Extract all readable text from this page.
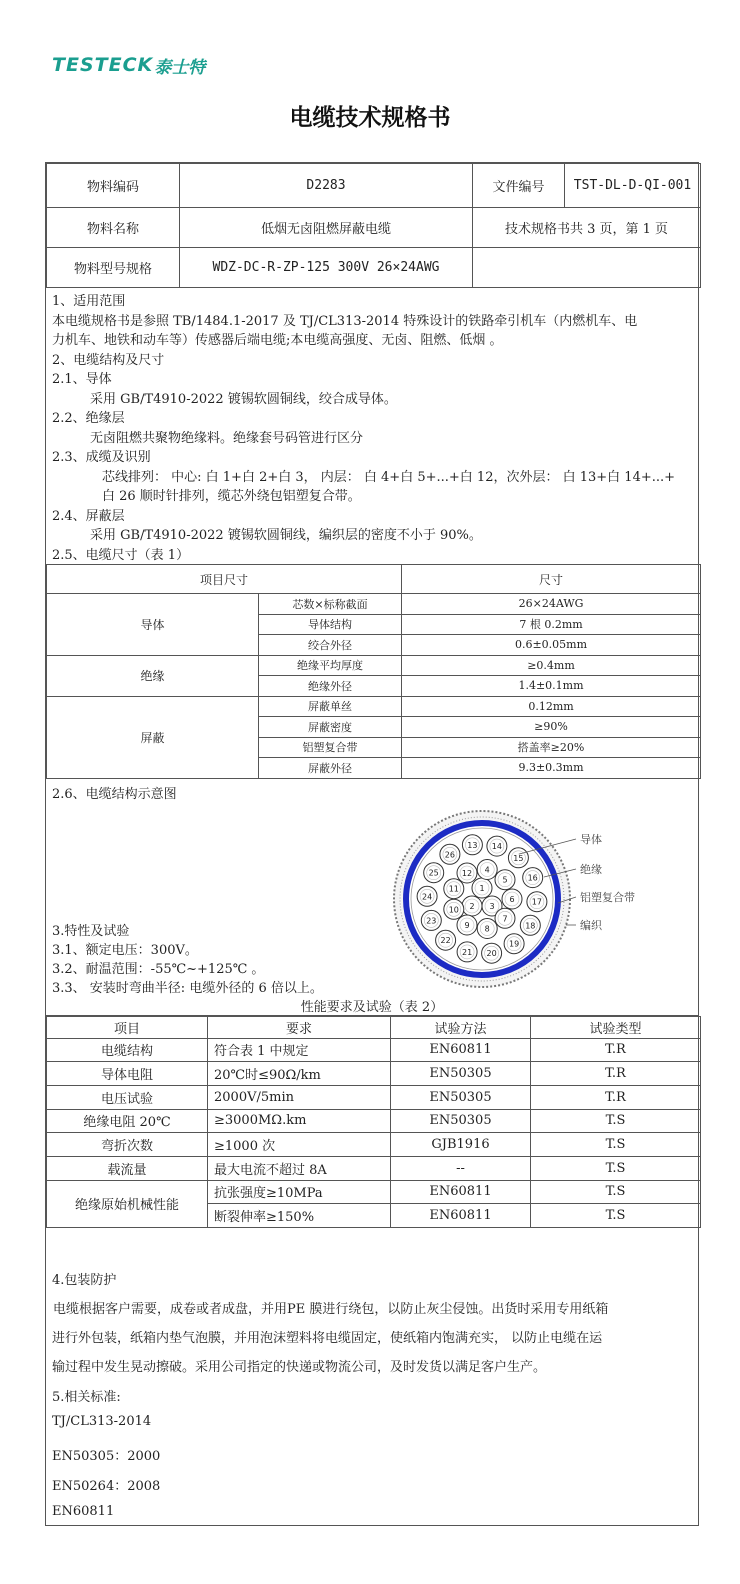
TESTECK 泰士特
电缆技术规格书
物料编码	D2283	文件编号	TST-DL-D-QI-001
物料名称	低烟无卤阻燃屏蔽电缆	技术规格书共 3 页，第 1 页	
物料型号规格	WDZ-DC-R-ZP-125 300V 26×24AWG		

1、适用范围

本电缆规格书是参照 TB/1484.1-2017 及 TJ/CL313-2014 特殊设计的铁路牵引机车（内燃机车、电

力机车、地铁和动车等）传感器后端电缆;本电缆高强度、无卤、阻燃、低烟 。

2、电缆结构及尺寸

2.1、导体

采用 GB/T4910-2022 镀锡软圆铜线，绞合成导体。

2.2、绝缘层

无卤阻燃共聚物绝缘料。绝缘套号码管进行区分

2.3、成缆及识别

芯线排列： 中心: 白 1+白 2+白 3， 内层： 白 4+白 5+...+白 12，次外层： 白 13+白 14+...+

白 26 顺时针排列，缆芯外绕包铝塑复合带。

2.4、屏蔽层

采用 GB/T4910-2022 镀锡软圆铜线，编织层的密度不小于 90%。

2.5、电缆尺寸（表 1）

项目尺寸		尺寸
导体	芯数×标称截面	26×24AWG
	导体结构	7 根 0.2mm
	绞合外径	0.6±0.05mm
绝缘	绝缘平均厚度	≥0.4mm
	绝缘外径	1.4±0.1mm
屏蔽	屏蔽单丝	0.12mm
	屏蔽密度	≥90%
	铝塑复合带	搭盖率≥20%
	屏蔽外径	9.3±0.3mm
2.6、电缆结构示意图
1
2 3
4
5
6
7
8
9
10
11
12
13 14
15
16
17
18
19
20
21
22
23
24
25
26
导体
绝缘
铝塑复合带
编织
3.特性及试验
3.1、额定电压：300V。
3.2、耐温范围：-55℃~+125℃ 。
3.3、 安装时弯曲半径: 电缆外径的 6 倍以上。
性能要求及试验（表 2）
项目	要求	试验方法	试验类型
电缆结构	符合表 1 中规定	EN60811	T.R
导体电阻	20℃时≤90Ω/km	EN50305	T.R
电压试验	2000V/5min	EN50305	T.R
绝缘电阻 20℃	≥3000MΩ.km	EN50305	T.S
弯折次数	≥1000 次	GJB1916	T.S
载流量	最大电流不超过 8A	--	T.S
绝缘原始机械性能	抗张强度≥10MPa	EN60811	T.S
	断裂伸率≥150%	EN60811	T.S
4.包装防护
电缆根据客户需要，成卷或者成盘，并用PE 膜进行绕包，以防止灰尘侵蚀。出货时采用专用纸箱
进行外包装，纸箱内垫气泡膜，并用泡沫塑料将电缆固定，使纸箱内饱满充实， 以防止电缆在运
输过程中发生晃动擦破。采用公司指定的快递或物流公司，及时发货以满足客户生产。
5.相关标准:
TJ/CL313-2014
EN50305：2000
EN50264：2008
EN60811
